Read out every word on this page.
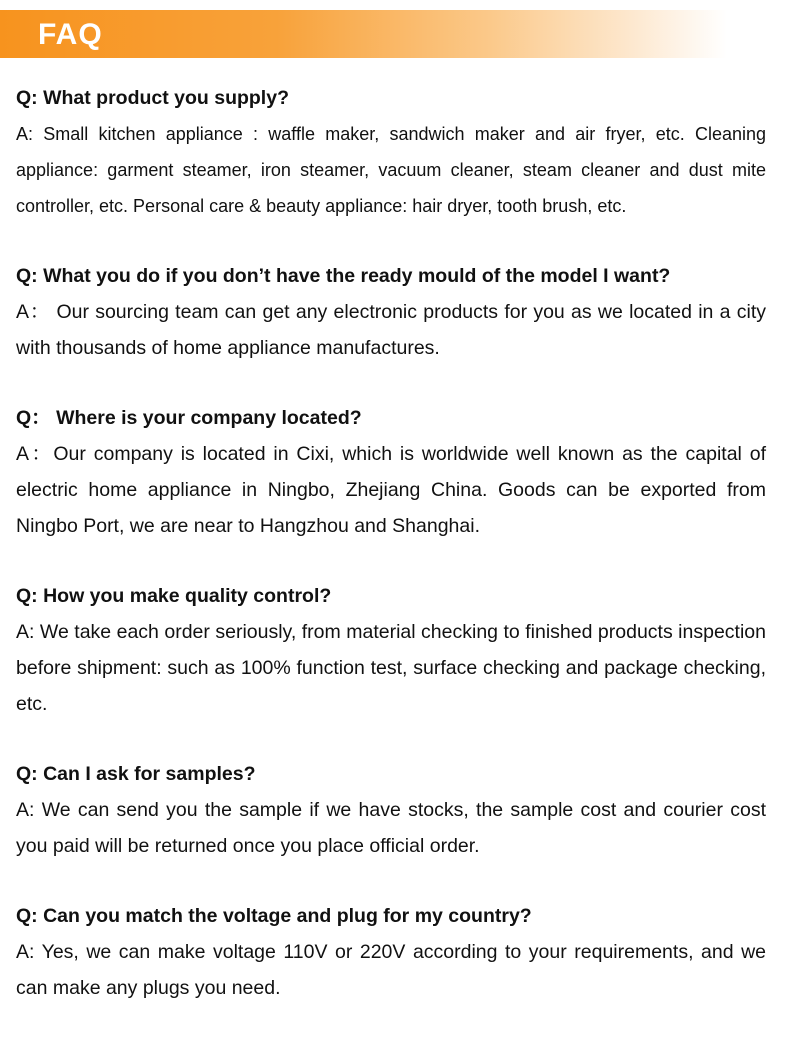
FAQ
Q: What product you supply?

A: Small kitchen appliance : waffle maker, sandwich maker and air fryer, etc. Cleaning appliance: garment steamer, iron steamer, vacuum cleaner, steam cleaner and dust mite controller, etc. Personal care & beauty appliance: hair dryer, tooth brush, etc.

Q: What you do if you don’t have the ready mould of the model I want?

A： Our sourcing team can get any electronic products for you as we located in a city with thousands of home appliance manufactures.

Q： Where is your company located?

A：Our company is located in Cixi, which is worldwide well known as the capital of electric home appliance in Ningbo, Zhejiang China. Goods can be exported from Ningbo Port, we are near to Hangzhou and Shanghai.

Q: How you make quality control?

A: We take each order seriously, from material checking to finished products inspection before shipment: such as 100% function test, surface checking and package checking, etc.

Q: Can I ask for samples?

A: We can send you the sample if we have stocks, the sample cost and courier cost you paid will be returned once you place official order.

Q: Can you match the voltage and plug for my country?

A: Yes, we can make voltage 110V or 220V according to your requirements, and we can make any plugs you need.
